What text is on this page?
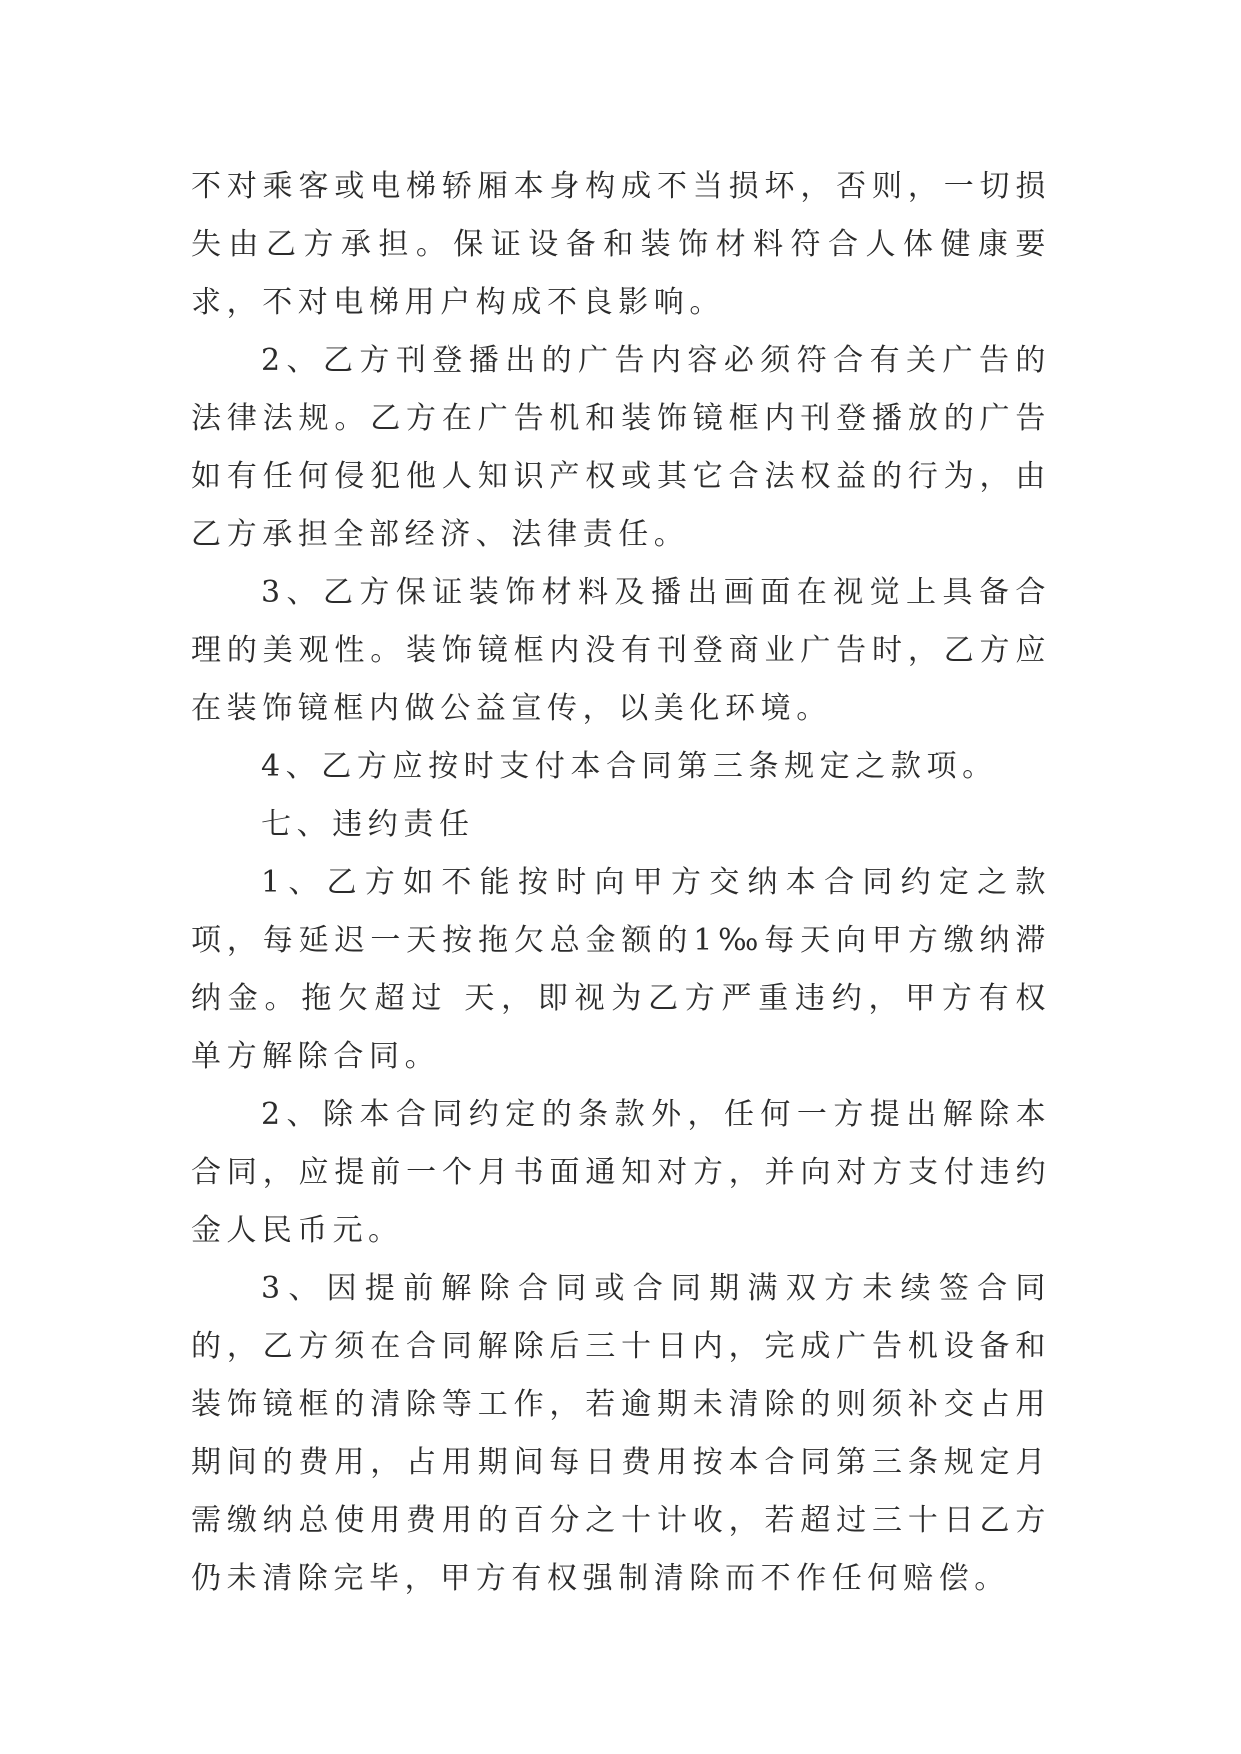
不对乘客或电梯轿厢本身构成不当损坏，否则，一切损失由乙方承担。保证设备和装饰材料符合人体健康要求，不对电梯用户构成不良影响。

2、乙方刊登播出的广告内容必须符合有关广告的法律法规。乙方在广告机和装饰镜框内刊登播放的广告如有任何侵犯他人知识产权或其它合法权益的行为，由乙方承担全部经济、法律责任。

3、乙方保证装饰材料及播出画面在视觉上具备合理的美观性。装饰镜框内没有刊登商业广告时，乙方应在装饰镜框内做公益宣传，以美化环境。

4、乙方应按时支付本合同第三条规定之款项。

七、违约责任

1、乙方如不能按时向甲方交纳本合同约定之款项，每延迟一天按拖欠总金额的1‰每天向甲方缴纳滞纳金。拖欠超过 天，即视为乙方严重违约，甲方有权单方解除合同。

2、除本合同约定的条款外，任何一方提出解除本合同，应提前一个月书面通知对方，并向对方支付违约金人民币元。

3、因提前解除合同或合同期满双方未续签合同的，乙方须在合同解除后三十日内，完成广告机设备和装饰镜框的清除等工作，若逾期未清除的则须补交占用期间的费用，占用期间每日费用按本合同第三条规定月需缴纳总使用费用的百分之十计收，若超过三十日乙方仍未清除完毕，甲方有权强制清除而不作任何赔偿。
